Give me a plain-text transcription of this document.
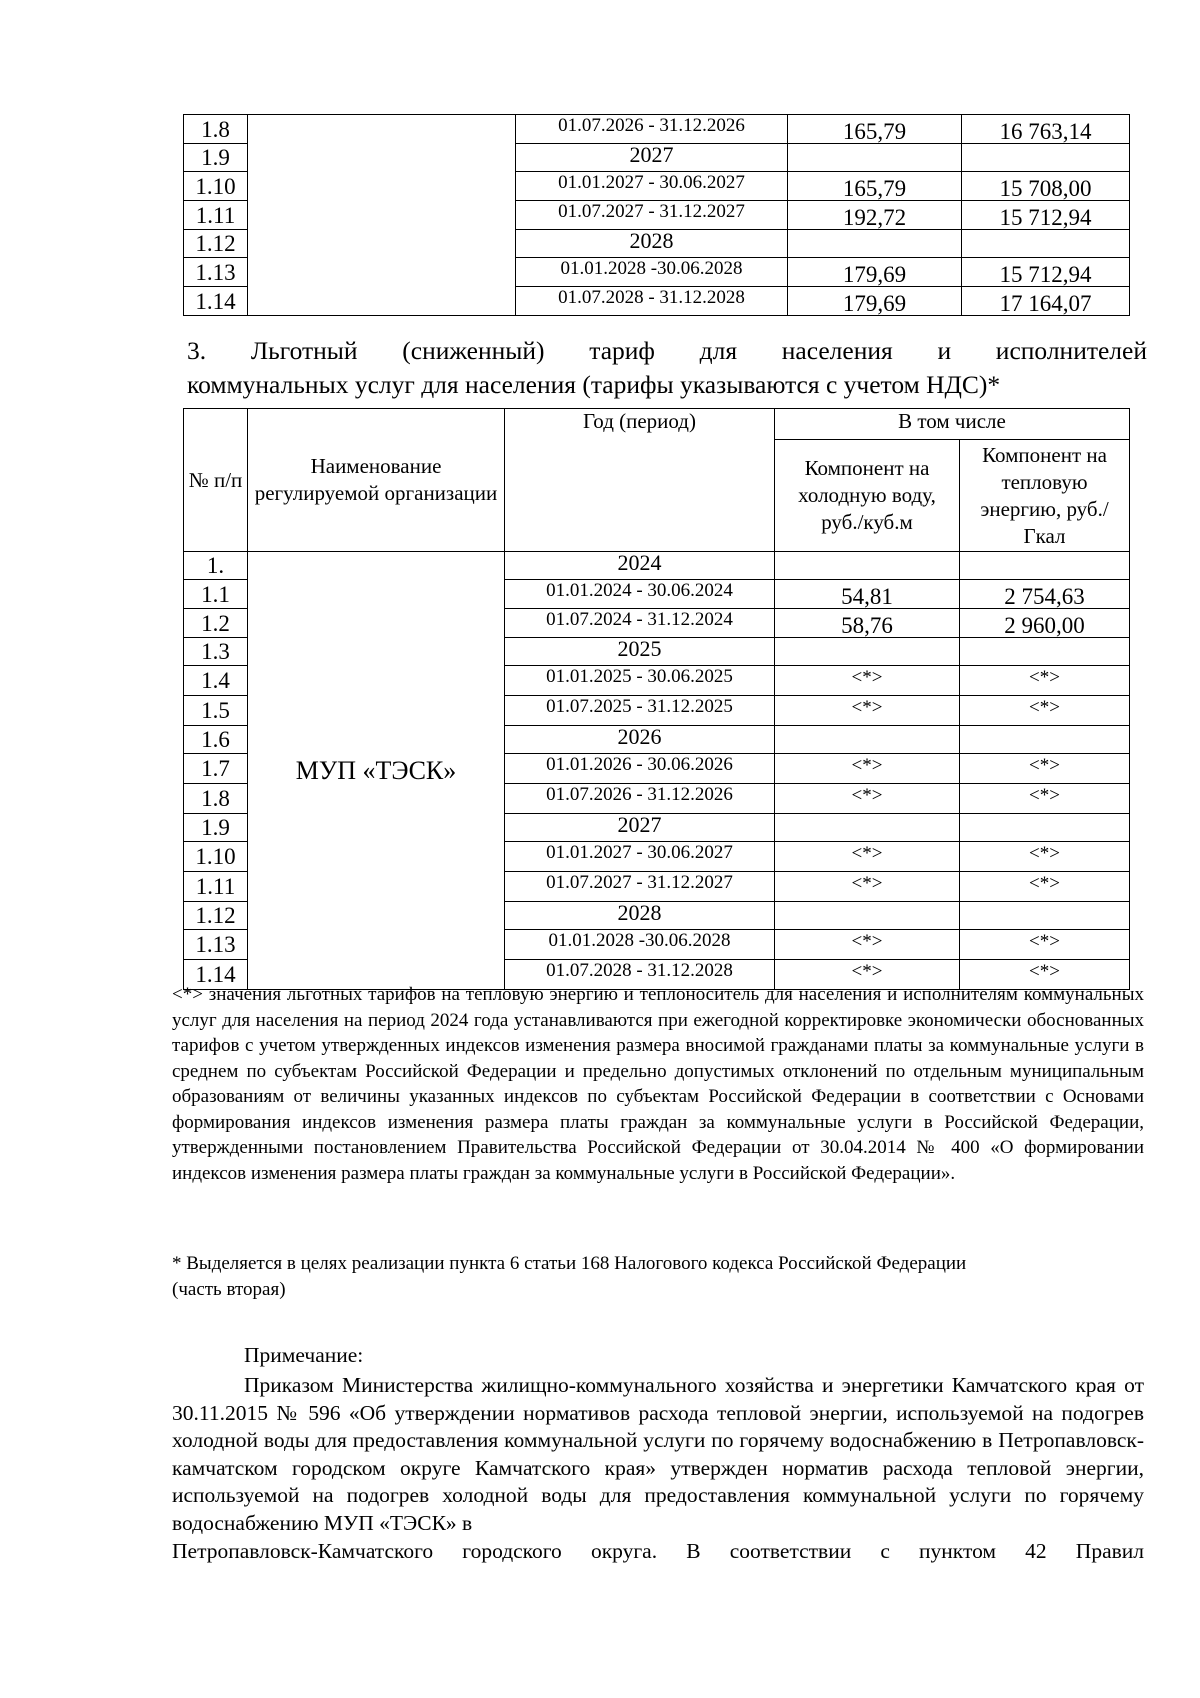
1.8		01.07.2026 - 31.12.2026	165,79	16 763,14
1.9		2027		
1.10		01.01.2027 - 30.06.2027	165,79	15 708,00
1.11		01.07.2027 - 31.12.2027	192,72	15 712,94
1.12		2028		
1.13		01.01.2028 -30.06.2028	179,69	15 712,94
1.14		01.07.2028 - 31.12.2028	179,69	17 164,07
3. Льготный (сниженный) тариф для населения и исполнителей
коммунальных услуг для населения (тарифы указываются с учетом НДС)*
№ п/п	Наименование регулируемой организации	Год (период)	В том числе	
			Компонент на холодную воду, руб./куб.м	Компонент на тепловую энергию, руб./Гкал
1.	МУП «ТЭСК»	2024		
1.1		01.01.2024 - 30.06.2024	54,81	2 754,63
1.2		01.07.2024 - 31.12.2024	58,76	2 960,00
1.3		2025		
1.4		01.01.2025 - 30.06.2025	<*>	<*>
1.5		01.07.2025 - 31.12.2025	<*>	<*>
1.6		2026		
1.7		01.01.2026 - 30.06.2026	<*>	<*>
1.8		01.07.2026 - 31.12.2026	<*>	<*>
1.9		2027		
1.10		01.01.2027 - 30.06.2027	<*>	<*>
1.11		01.07.2027 - 31.12.2027	<*>	<*>
1.12		2028		
1.13		01.01.2028 -30.06.2028	<*>	<*>
1.14		01.07.2028 - 31.12.2028	<*>	<*>
<*> значения льготных тарифов на тепловую энергию и теплоноситель для населения и исполнителям коммунальных услуг для населения на период 2024 года устанавливаются при ежегодной корректировке экономически обоснованных тарифов с учетом утвержденных индексов изменения размера вносимой гражданами платы за коммунальные услуги в среднем по субъектам Российской Федерации и предельно допустимых отклонений по отдельным муниципальным образованиям от величины указанных индексов по субъектам Российской Федерации в соответствии с Основами формирования индексов изменения размера платы граждан за коммунальные услуги в Российской Федерации, утвержденными постановлением Правительства Российской Федерации от 30.04.2014 № 400 «О формировании индексов изменения размера платы граждан за коммунальные услуги в Российской Федерации».
* Выделяется в целях реализации пункта 6 статьи 168 Налогового кодекса Российской Федерации
(часть вторая)
Примечание:
Приказом Министерства жилищно-коммунального хозяйства и энергетики Камчатского края от 30.11.2015 № 596 «Об утверждении нормативов расхода тепловой энергии, используемой на подогрев холодной воды для предоставления коммунальной услуги по горячему водоснабжению в Петропавловск-камчатском городском округе Камчатского края» утвержден норматив расхода тепловой энергии, используемой на подогрев холодной воды для предоставления коммунальной услуги по горячему водоснабжению МУП «ТЭСК» в
Петропавловск-Камчатского городского округа. В соответствии с пунктом 42 Правил
